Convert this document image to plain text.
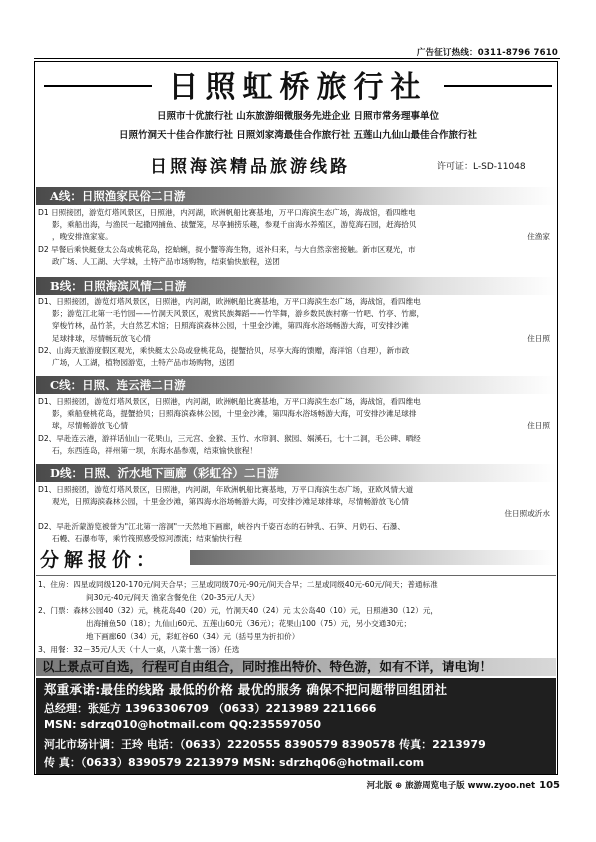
广告征订热线：0311-8796 7610
日照虹桥旅行社
日照市十优旅行社 山东旅游细微服务先进企业 日照市常务理事单位
日照竹洞天十佳合作旅行社 日照刘家湾最佳合作旅行社 五莲山九仙山最佳合作旅行社
日照海滨精品旅游线路	许可证：L-SD-11048
A线：日照渔家民俗二日游
D1 日照接团，游览灯塔风景区，日照港，内河湖，欧洲帆船比赛基地，万平口海滨生态广场，海战馆，看四维电
影，乘船出海，与渔民一起撒网捕鱼、拔蟹笼，尽享捕捞乐趣，参观千亩海水养殖区，游览海石园，赶海拾贝
，晚安排渔家宴。	住渔家
D2 早餐后乘快艇登太公岛或桃花岛，挖蛤蜊，捉小蟹等海生物，返补归来，与大自然亲密接触。新市区观光，市
政广场、人工湖、大学城，土特产品市场购物，结束愉快旅程，送团
B线：日照海滨风情二日游
D1、日照接团，游览灯塔风景区，日照港，内河湖，欧洲帆船比赛基地，万平口海滨生态广场，海战馆，看四维电
影；游览江北第一毛竹园——竹洞天风景区，观赏民族舞蹈——竹竿舞，游乡数民族村寨一竹吧、竹亭、竹廊，
穿梭竹林，品竹茶，大自然艺术馆；日照海滨森林公园，十里金沙滩，第四海水浴场畅游大海，可安排沙滩
足球排球，尽情畅玩放飞心情	住日照
D2、山海天旅游度假区观光，乘快艇太公岛或登桃花岛，提蟹拾贝，尽享大海的馈赠，海洋馆（自理），新市政
广场，人工湖，植物园游览，土特产品市场购物，送团
C线：日照、连云港二日游
D1、日照接团，游览灯塔风景区，日照港，内河湖，欧洲帆船比赛基地，万平口海滨生态广场，海战馆，看四维电
影，乘船登桃花岛，提蟹拾贝；日照海滨森林公园，十里金沙滩，第四海水浴场畅游大海，可安排沙滩足球排
球，尽情畅游放飞心情	住日照
D2、早赴连云港，游祥话仙山一花果山，三元宫、金猴、玉竹、水帘洞、猴园、娲溪石，七十二洞，毛公碑、晒经
石，东西连岛，祥州第一坝，东海水晶参观，结束愉快旅程！
D线：日照、沂水地下画廊（彩虹谷）二日游
D1、日照接团，游览灯塔风景区，日照港，内河湖，年欧洲帆船比赛基地，万平口海滨生态广场，亚欧风情大道
观光，日照海滨森林公园，十里金沙滩，第四海水浴场畅游大海，可安排沙滩足球排球，尽情畅游放飞心情
住日照或沂水
D2、早赴沂蒙游览被誉为"江北第一溶洞"一天然地下画廊，峡谷内千姿百态的石钟乳、石笋、月奶石、石瀑、
石幔、石瀑布等，乘竹筏照感受惊河漂流；结束愉快行程
分解报价：
1、住房：四星或同级120-170元/间天合早；三星或同级70元-90元/间天合早；二星或同级40元-60元/间天；普通标准
间30元-40元/间天 渔家含餐免住（20-35元/人天）
2、门票：森林公园40（32）元，桃花岛40（20）元，竹洞天40（24）元 太公岛40（10）元，日照港30（12）元，
出海捕鱼50（18）；九仙山60元、五莲山60元（36元）；花果山100（75）元，另小交通30元；
地下画廊60（34）元，彩虹谷60（34）元（括号里为折扣价）
3、用餐：32－35元/人天（十人一桌，八菜十葱一汤）任选
以上景点可自选，行程可自由组合，同时推出特价、特色游，如有不详，请电询！
郑重承诺:最佳的线路 最低的价格 最优的服务 确保不把问题带回组团社
总经理：张延方 13963306709 （0633）2213989 2211666
MSN: sdrzq010@hotmail.com QQ:235597050
河北市场计调：王玲 电话：（0633）2220555 8390579 8390578 传真：2213979
传 真：（0633）8390579 2213979 MSN: sdrzhq06@hotmail.com
河北版 ⊕ 旅游周览电子版 www.zyoo.net 105
